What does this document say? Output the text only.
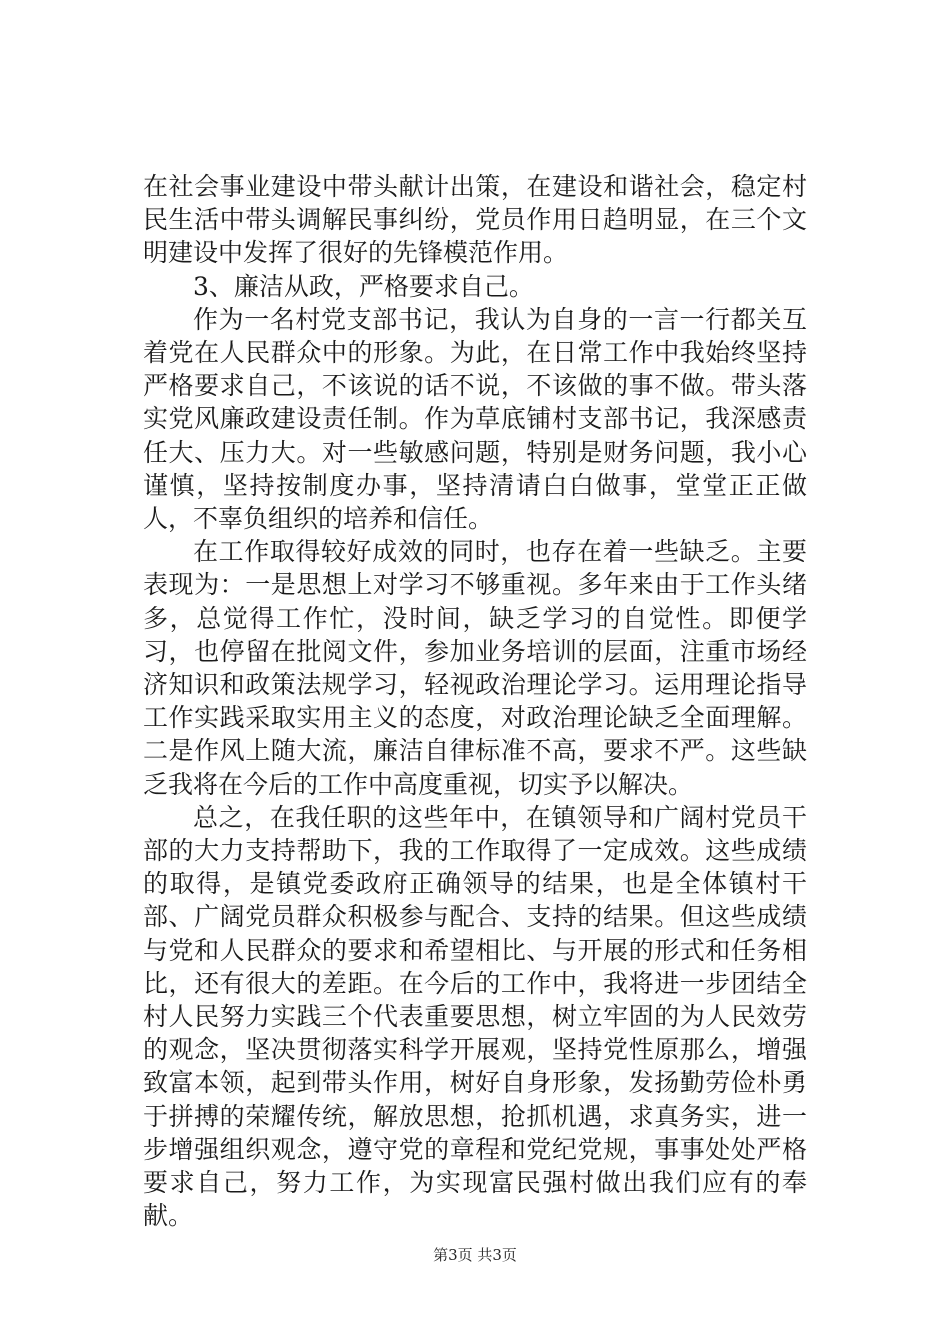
在社会事业建设中带头献计出策，在建设和谐社会，稳定村民生活中带头调解民事纠纷，党员作用日趋明显，在三个文明建设中发挥了很好的先锋模范作用。

3、廉洁从政，严格要求自己。

作为一名村党支部书记，我认为自身的一言一行都关互着党在人民群众中的形象。为此，在日常工作中我始终坚持严格要求自己，不该说的话不说，不该做的事不做。带头落实党风廉政建设责任制。作为草底铺村支部书记，我深感责任大、压力大。对一些敏感问题，特别是财务问题，我小心谨慎，坚持按制度办事，坚持清请白白做事，堂堂正正做人，不辜负组织的培养和信任。

在工作取得较好成效的同时，也存在着一些缺乏。主要表现为：一是思想上对学习不够重视。多年来由于工作头绪多，总觉得工作忙，没时间，缺乏学习的自觉性。即便学习，也停留在批阅文件，参加业务培训的层面，注重市场经济知识和政策法规学习，轻视政治理论学习。运用理论指导工作实践采取实用主义的态度，对政治理论缺乏全面理解。二是作风上随大流，廉洁自律标准不高，要求不严。这些缺乏我将在今后的工作中高度重视，切实予以解决。

总之，在我任职的这些年中，在镇领导和广阔村党员干部的大力支持帮助下，我的工作取得了一定成效。这些成绩的取得，是镇党委政府正确领导的结果，也是全体镇村干部、广阔党员群众积极参与配合、支持的结果。但这些成绩与党和人民群众的要求和希望相比、与开展的形式和任务相比，还有很大的差距。在今后的工作中，我将进一步团结全村人民努力实践三个代表重要思想，树立牢固的为人民效劳的观念，坚决贯彻落实科学开展观，坚持党性原那么，增强致富本领，起到带头作用，树好自身形象，发扬勤劳俭朴勇于拼搏的荣耀传统，解放思想，抢抓机遇，求真务实，进一步增强组织观念，遵守党的章程和党纪党规，事事处处严格要求自己，努力工作，为实现富民强村做出我们应有的奉献。

第3页 共3页
